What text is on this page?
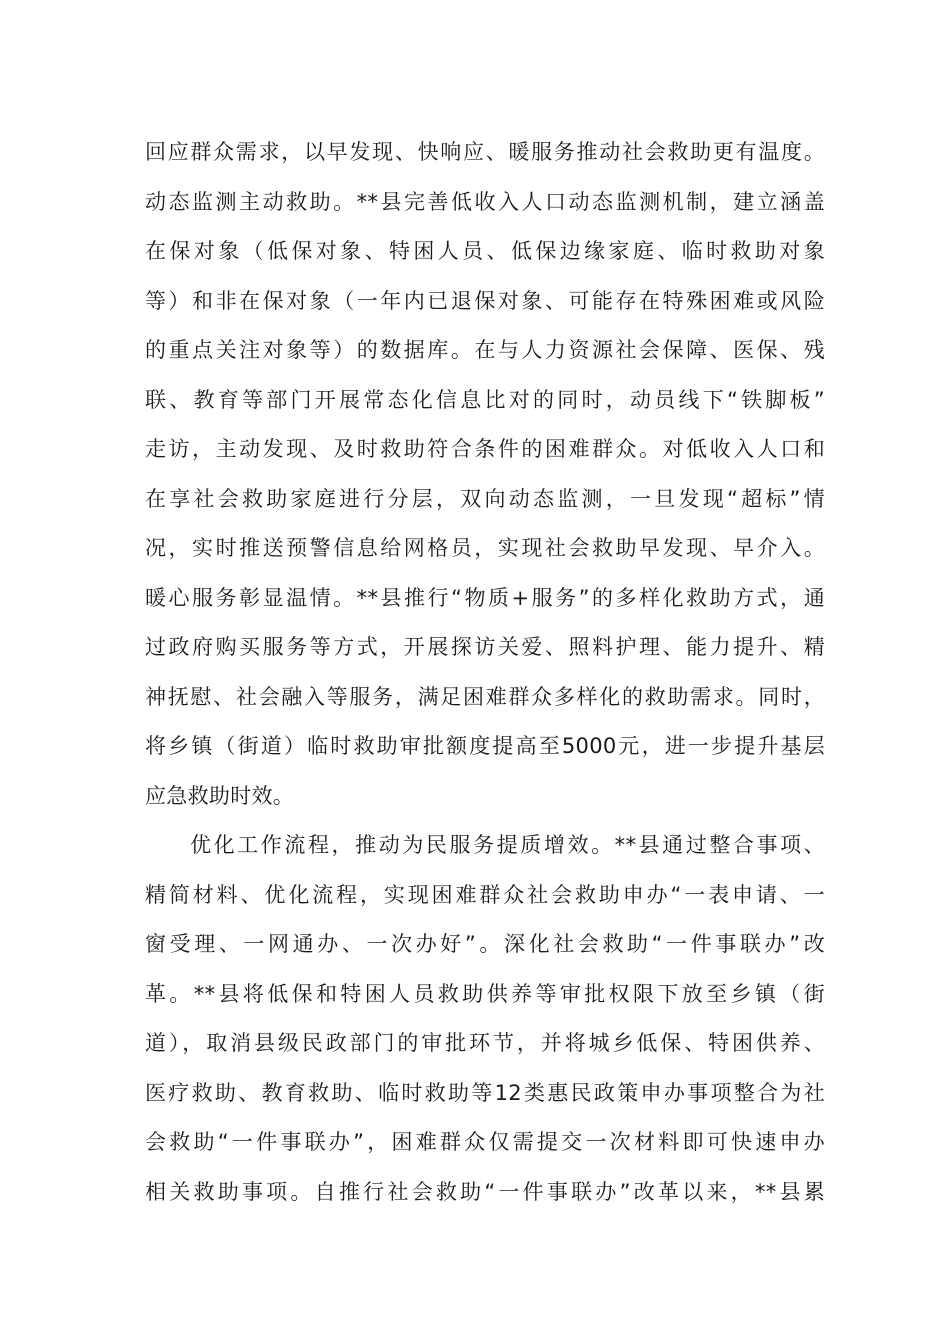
回应群众需求，以早发现、快响应、暖服务推动社会救助更有温度。
动态监测主动救助。**县完善低收入人口动态监测机制，建立涵盖
在保对象（低保对象、特困人员、低保边缘家庭、临时救助对象
等）和非在保对象（一年内已退保对象、可能存在特殊困难或风险
的重点关注对象等）的数据库。在与人力资源社会保障、医保、残
联、教育等部门开展常态化信息比对的同时，动员线下“铁脚板”
走访，主动发现、及时救助符合条件的困难群众。对低收入人口和
在享社会救助家庭进行分层，双向动态监测，一旦发现“超标”情
况，实时推送预警信息给网格员，实现社会救助早发现、早介入。
暖心服务彰显温情。**县推行“物质+服务”的多样化救助方式，通
过政府购买服务等方式，开展探访关爱、照料护理、能力提升、精
神抚慰、社会融入等服务，满足困难群众多样化的救助需求。同时，
将乡镇（街道）临时救助审批额度提高至5000元，进一步提升基层
应急救助时效。
优化工作流程，推动为民服务提质增效。**县通过整合事项、
精简材料、优化流程，实现困难群众社会救助申办“一表申请、一
窗受理、一网通办、一次办好”。深化社会救助“一件事联办”改
革。**县将低保和特困人员救助供养等审批权限下放至乡镇（街
道），取消县级民政部门的审批环节，并将城乡低保、特困供养、
医疗救助、教育救助、临时救助等12类惠民政策申办事项整合为社
会救助“一件事联办”，困难群众仅需提交一次材料即可快速申办
相关救助事项。自推行社会救助“一件事联办”改革以来，**县累
